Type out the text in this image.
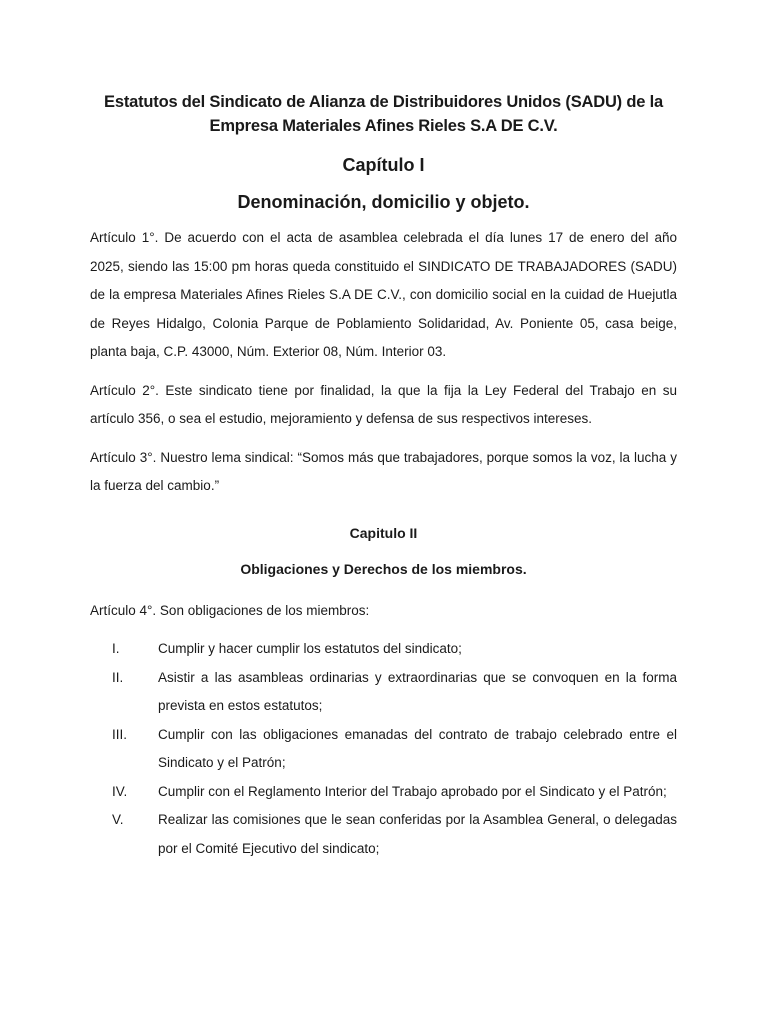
Estatutos del Sindicato de Alianza de Distribuidores Unidos (SADU) de la Empresa Materiales Afines Rieles S.A DE C.V.
Capítulo I
Denominación, domicilio y objeto.

Artículo 1°. De acuerdo con el acta de asamblea celebrada el día lunes 17 de enero del año 2025, siendo las 15:00 pm horas queda constituido el SINDICATO DE TRABAJADORES (SADU) de la empresa Materiales Afines Rieles S.A DE C.V., con domicilio social en la cuidad de Huejutla de Reyes Hidalgo, Colonia Parque de Poblamiento Solidaridad, Av. Poniente 05, casa beige, planta baja, C.P. 43000, Núm. Exterior 08, Núm. Interior 03.

Artículo 2°. Este sindicato tiene por finalidad, la que la fija la Ley Federal del Trabajo en su artículo 356, o sea el estudio, mejoramiento y defensa de sus respectivos intereses.

Artículo 3°. Nuestro lema sindical: “Somos más que trabajadores, porque somos la voz, la lucha y la fuerza del cambio.”

Capitulo II
Obligaciones y Derechos de los miembros.

Artículo 4°. Son obligaciones de los miembros:

I.	Cumplir y hacer cumplir los estatutos del sindicato;
II.	Asistir a las asambleas ordinarias y extraordinarias que se convoquen en la forma prevista en estos estatutos;
III.	Cumplir con las obligaciones emanadas del contrato de trabajo celebrado entre el Sindicato y el Patrón;
IV.	Cumplir con el Reglamento Interior del Trabajo aprobado por el Sindicato y el Patrón;
V.	Realizar las comisiones que le sean conferidas por la Asamblea General, o delegadas por el Comité Ejecutivo del sindicato;
